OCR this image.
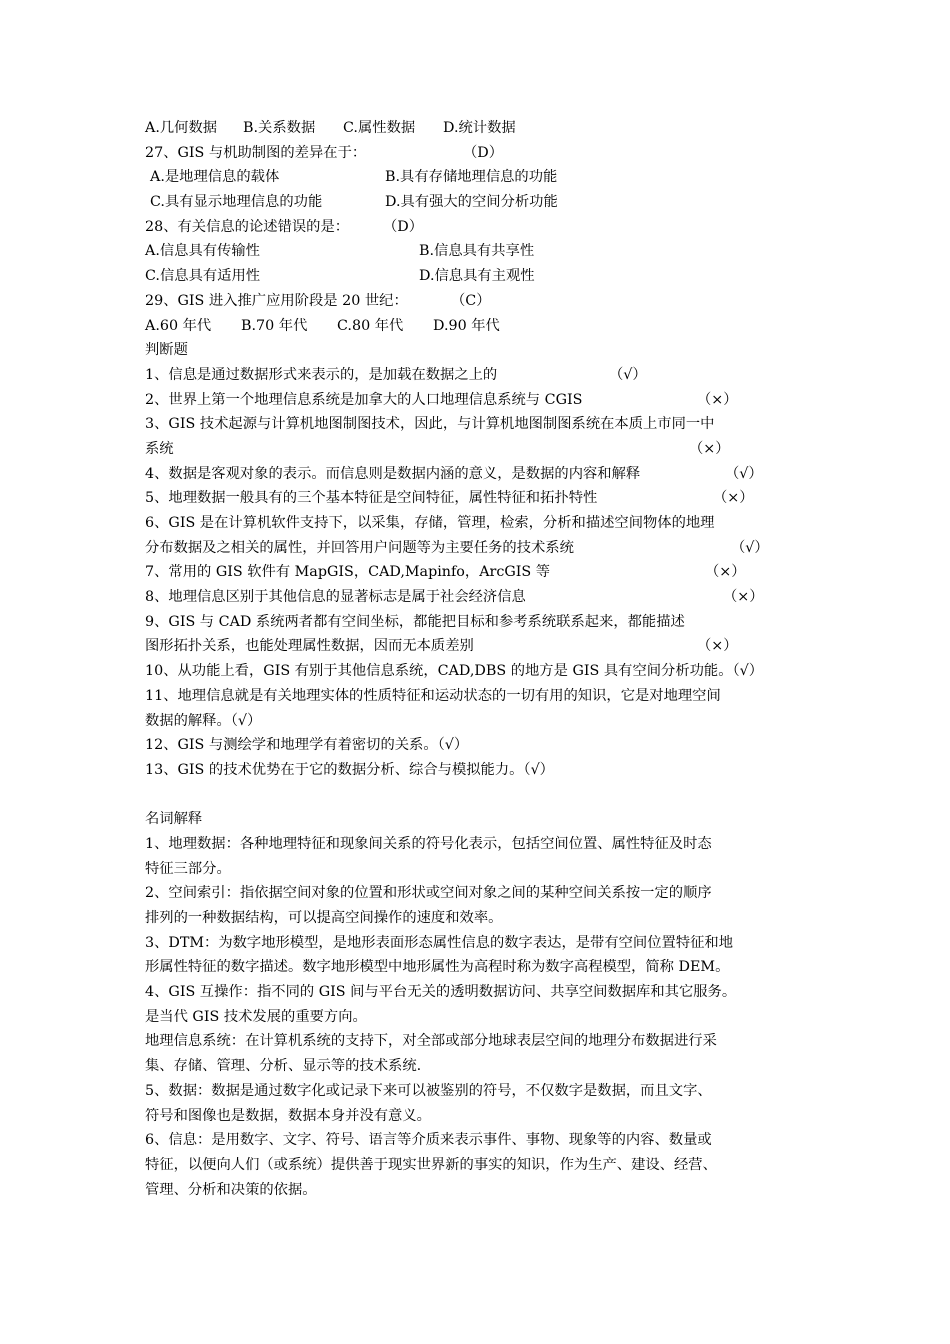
A.几何数据 B.关系数据 C.属性数据 D.统计数据
27、GIS 与机助制图的差异在于：	（D）
A.是地理信息的载体	B.具有存储地理信息的功能
C.具有显示地理信息的功能	D.具有强大的空间分析功能
28、有关信息的论述错误的是： （D）
A.信息具有传输性	B.信息具有共享性
C.信息具有适用性	D.信息具有主观性
29、GIS 进入推广应用阶段是 20 世纪：	（C）
A.60 年代 B.70 年代 C.80 年代 D.90 年代
判断题
1、信息是通过数据形式来表示的，是加载在数据之上的	（√）
2、世界上第一个地理信息系统是加拿大的人口地理信息系统与 CGIS	（×）
3、GIS 技术起源与计算机地图制图技术，因此，与计算机地图制图系统在本质上市同一中
系统	（×）
4、数据是客观对象的表示。而信息则是数据内涵的意义，是数据的内容和解释	（√）
5、地理数据一般具有的三个基本特征是空间特征，属性特征和拓扑特性	（×）
6、GIS 是在计算机软件支持下，以采集，存储，管理，检索，分析和描述空间物体的地理
分布数据及之相关的属性，并回答用户问题等为主要任务的技术系统	（√）
7、常用的 GIS 软件有 MapGIS，CAD,Mapinfo，ArcGIS 等	（×）
8、地理信息区别于其他信息的显著标志是属于社会经济信息	（×）
9、GIS 与 CAD 系统两者都有空间坐标，都能把目标和参考系统联系起来，都能描述
图形拓扑关系，也能处理属性数据，因而无本质差别	（×）
10、从功能上看，GIS 有别于其他信息系统，CAD,DBS 的地方是 GIS 具有空间分析功能。（√）
11、地理信息就是有关地理实体的性质特征和运动状态的一切有用的知识，它是对地理空间
数据的解释。（√）
12、GIS 与测绘学和地理学有着密切的关系。（√）
13、GIS 的技术优势在于它的数据分析、综合与模拟能力。（√）
名词解释
1、地理数据：各种地理特征和现象间关系的符号化表示，包括空间位置、属性特征及时态
特征三部分。
2、空间索引：指依据空间对象的位置和形状或空间对象之间的某种空间关系按一定的顺序
排列的一种数据结构，可以提高空间操作的速度和效率。
3、DTM：为数字地形模型，是地形表面形态属性信息的数字表达，是带有空间位置特征和地
形属性特征的数字描述。数字地形模型中地形属性为高程时称为数字高程模型，简称 DEM。
4、GIS 互操作：指不同的 GIS 间与平台无关的透明数据访问、共享空间数据库和其它服务。
是当代 GIS 技术发展的重要方向。
地理信息系统：在计算机系统的支持下，对全部或部分地球表层空间的地理分布数据进行采
集、存储、管理、分析、显示等的技术系统.
5、数据：数据是通过数字化或记录下来可以被鉴别的符号，不仅数字是数据，而且文字、
符号和图像也是数据，数据本身并没有意义。
6、信息：是用数字、文字、符号、语言等介质来表示事件、事物、现象等的内容、数量或
特征，以便向人们（或系统）提供善于现实世界新的事实的知识，作为生产、建设、经营、
管理、分析和决策的依据。
